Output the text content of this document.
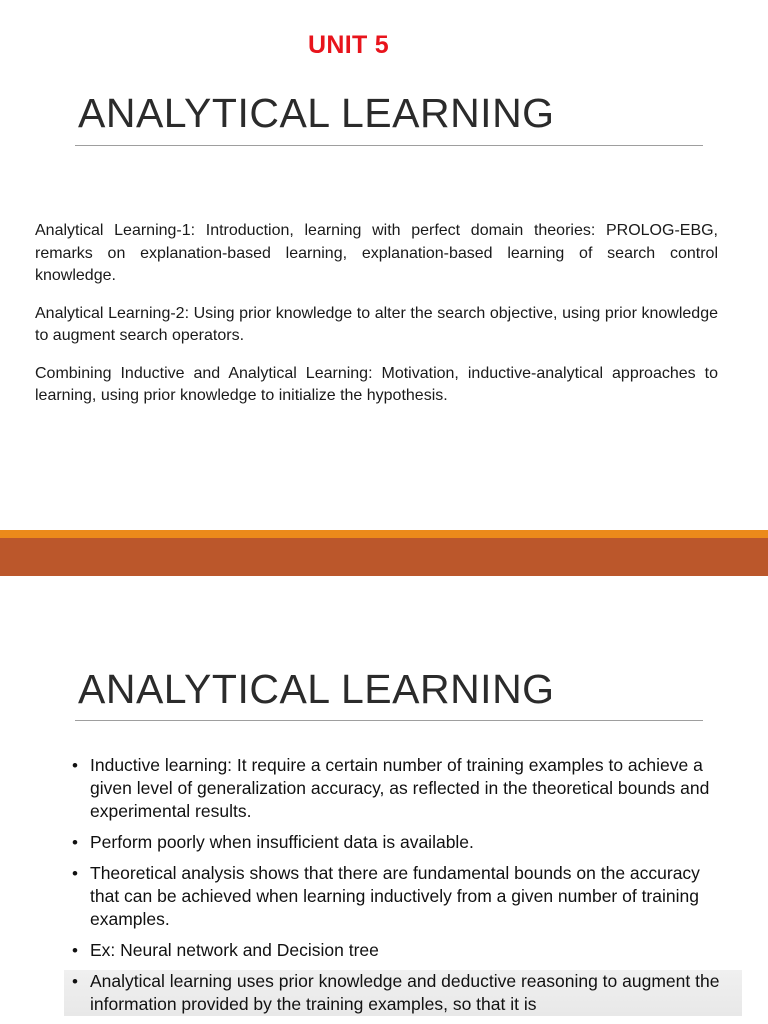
UNIT 5
ANALYTICAL LEARNING

Analytical Learning-1: Introduction, learning with perfect domain theories: PROLOG-EBG, remarks on explanation-based learning, explanation-based learning of search control knowledge.

Analytical Learning-2: Using prior knowledge to alter the search objective, using prior knowledge to augment search operators.

Combining Inductive and Analytical Learning: Motivation, inductive-analytical approaches to learning, using prior knowledge to initialize the hypothesis.

ANALYTICAL LEARNING
• Inductive learning: It require a certain number of training examples to achieve a given level of generalization accuracy, as reflected in the theoretical bounds and experimental results.
• Perform poorly when insufficient data is available.
• Theoretical analysis shows that there are fundamental bounds on the accuracy that can be achieved when learning inductively from a given number of training examples.
• Ex: Neural network and Decision tree
• Analytical learning uses prior knowledge and deductive reasoning to augment the information provided by the training examples, so that it is
